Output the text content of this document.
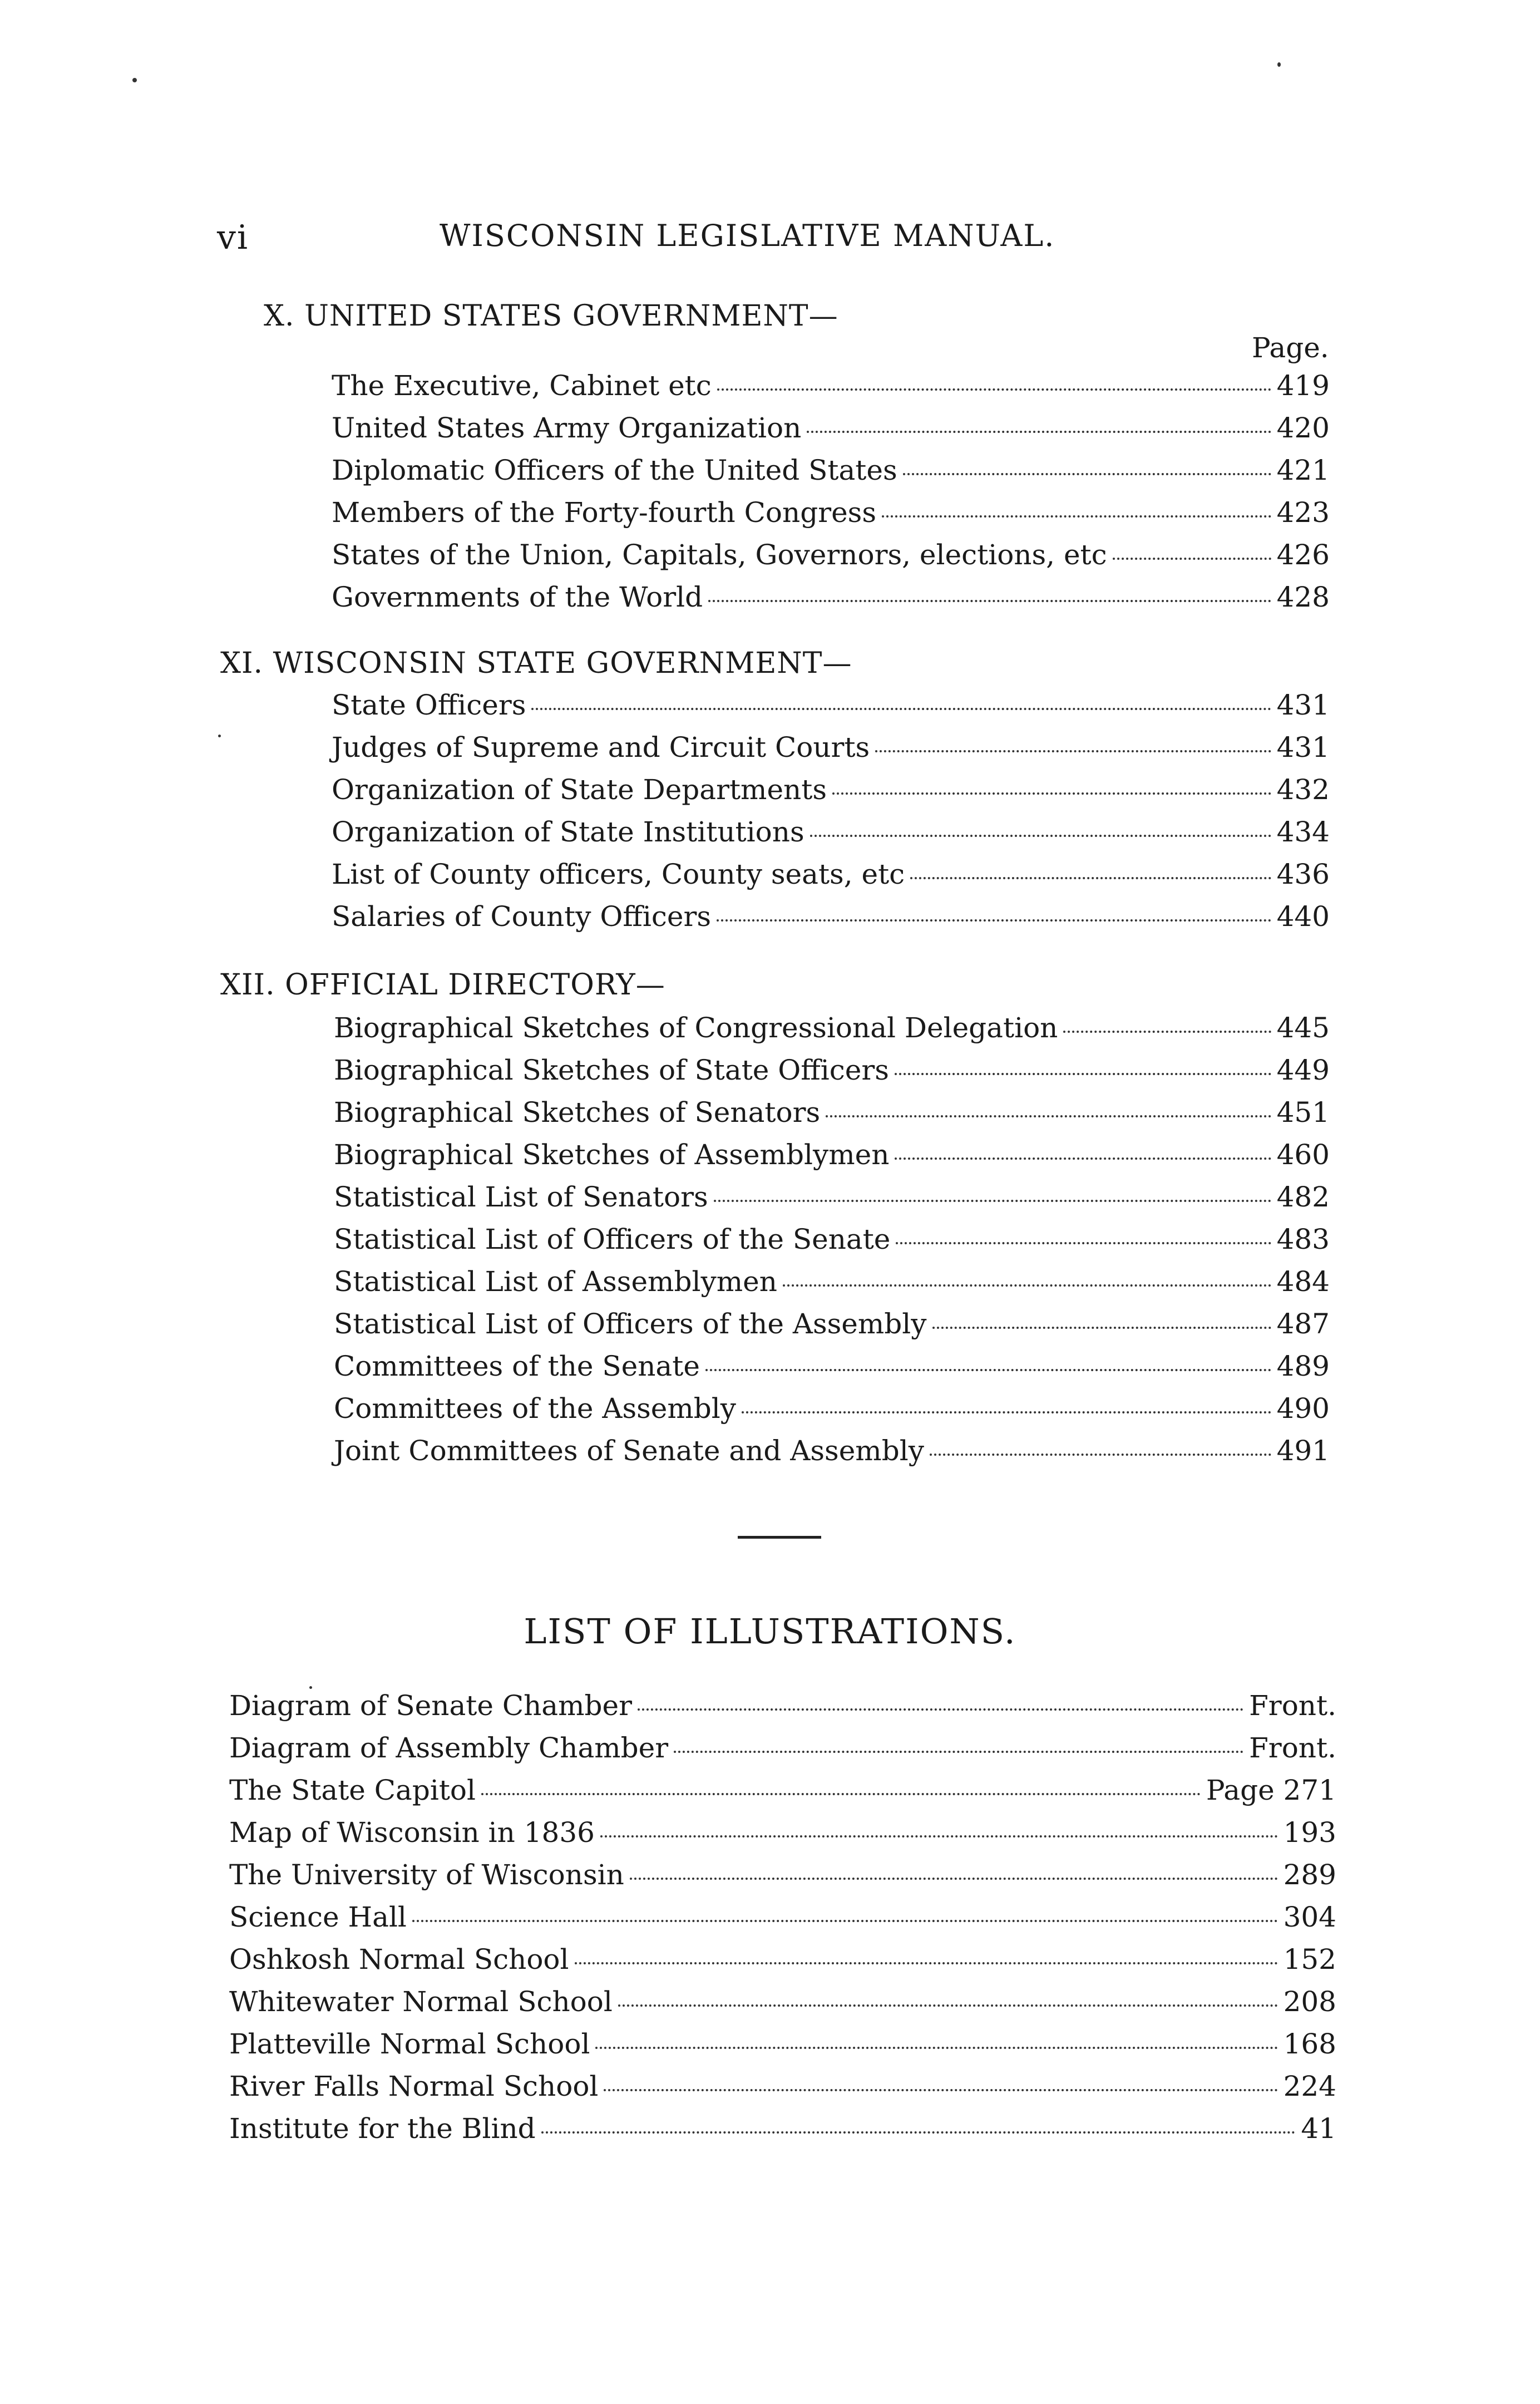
vi	WISCONSIN LEGISLATIVE MANUAL.
X. UNITED STATES GOVERNMENT—
Page.
The Executive, Cabinet etc	419
United States Army Organization	420
Diplomatic Officers of the United States	421
Members of the Forty-fourth Congress	423
States of the Union, Capitals, Governors, elections, etc	426
Governments of the World	428
XI. WISCONSIN STATE GOVERNMENT—
State Officers	431
Judges of Supreme and Circuit Courts	431
Organization of State Departments	432
Organization of State Institutions	434
List of County officers, County seats, etc	436
Salaries of County Officers	440
XII. OFFICIAL DIRECTORY—
Biographical Sketches of Congressional Delegation	445
Biographical Sketches of State Officers	449
Biographical Sketches of Senators	451
Biographical Sketches of Assemblymen	460
Statistical List of Senators	482
Statistical List of Officers of the Senate	483
Statistical List of Assemblymen	484
Statistical List of Officers of the Assembly	487
Committees of the Senate	489
Committees of the Assembly	490
Joint Committees of Senate and Assembly	491
LIST OF ILLUSTRATIONS.
Diagram of Senate Chamber	Front.
Diagram of Assembly Chamber	Front.
The State Capitol	Page 271
Map of Wisconsin in 1836	193
The University of Wisconsin	289
Science Hall	304
Oshkosh Normal School	152
Whitewater Normal School	208
Platteville Normal School	168
River Falls Normal School	224
Institute for the Blind	41
